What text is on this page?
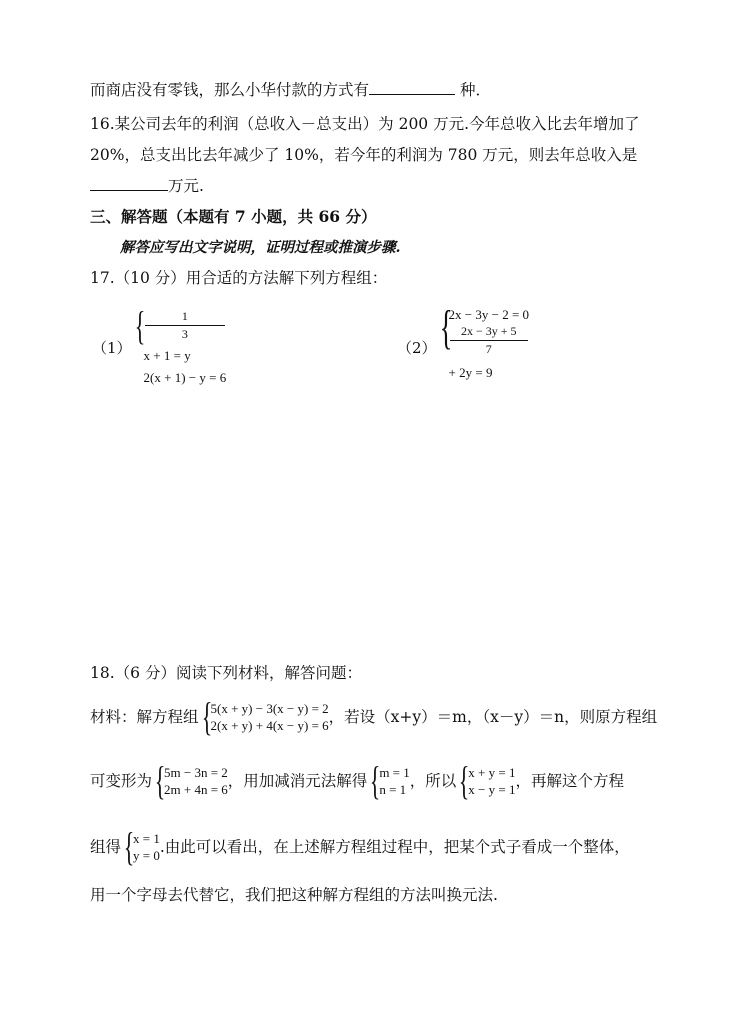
而商店没有零钱，那么小华付款的方式有	种．
16.某公司去年的利润（总收入－总支出）为 200 万元.今年总收入比去年增加了
20%，总支出比去年减少了 10%，若今年的利润为 780 万元，则去年总收入是
万元.
三、解答题（本题有 7 小题，共 66 分）
解答应写出文字说明，证明过程或推演步骤.
17.（10 分）用合适的方法解下列方程组：
（1） {	1
3
x + 1 = y
2(x + 1) − y = 6
（2） {
2x − 3y − 2 = 0
2x − 3y + 5
7
+ 2y = 9
18.（6 分）阅读下列材料，解答问题：
材料：解方程组 {
5(x + y) − 3(x − y) = 2
2(x + y) + 4(x − y) = 6 ，若设（x+y）＝m，（x－y）＝n，则原方程组
可变形为 {
5m − 3n = 2
2m + 4n = 6 ，用加减消元法解得 {
m = 1
n = 1 ，所以 {
x + y = 1
x − y = 1 ，再解这个方程
组得 {
x = 1
y = 0 .由此可以看出，在上述解方程组过程中，把某个式子看成一个整体，
用一个字母去代替它，我们把这种解方程组的方法叫换元法.
